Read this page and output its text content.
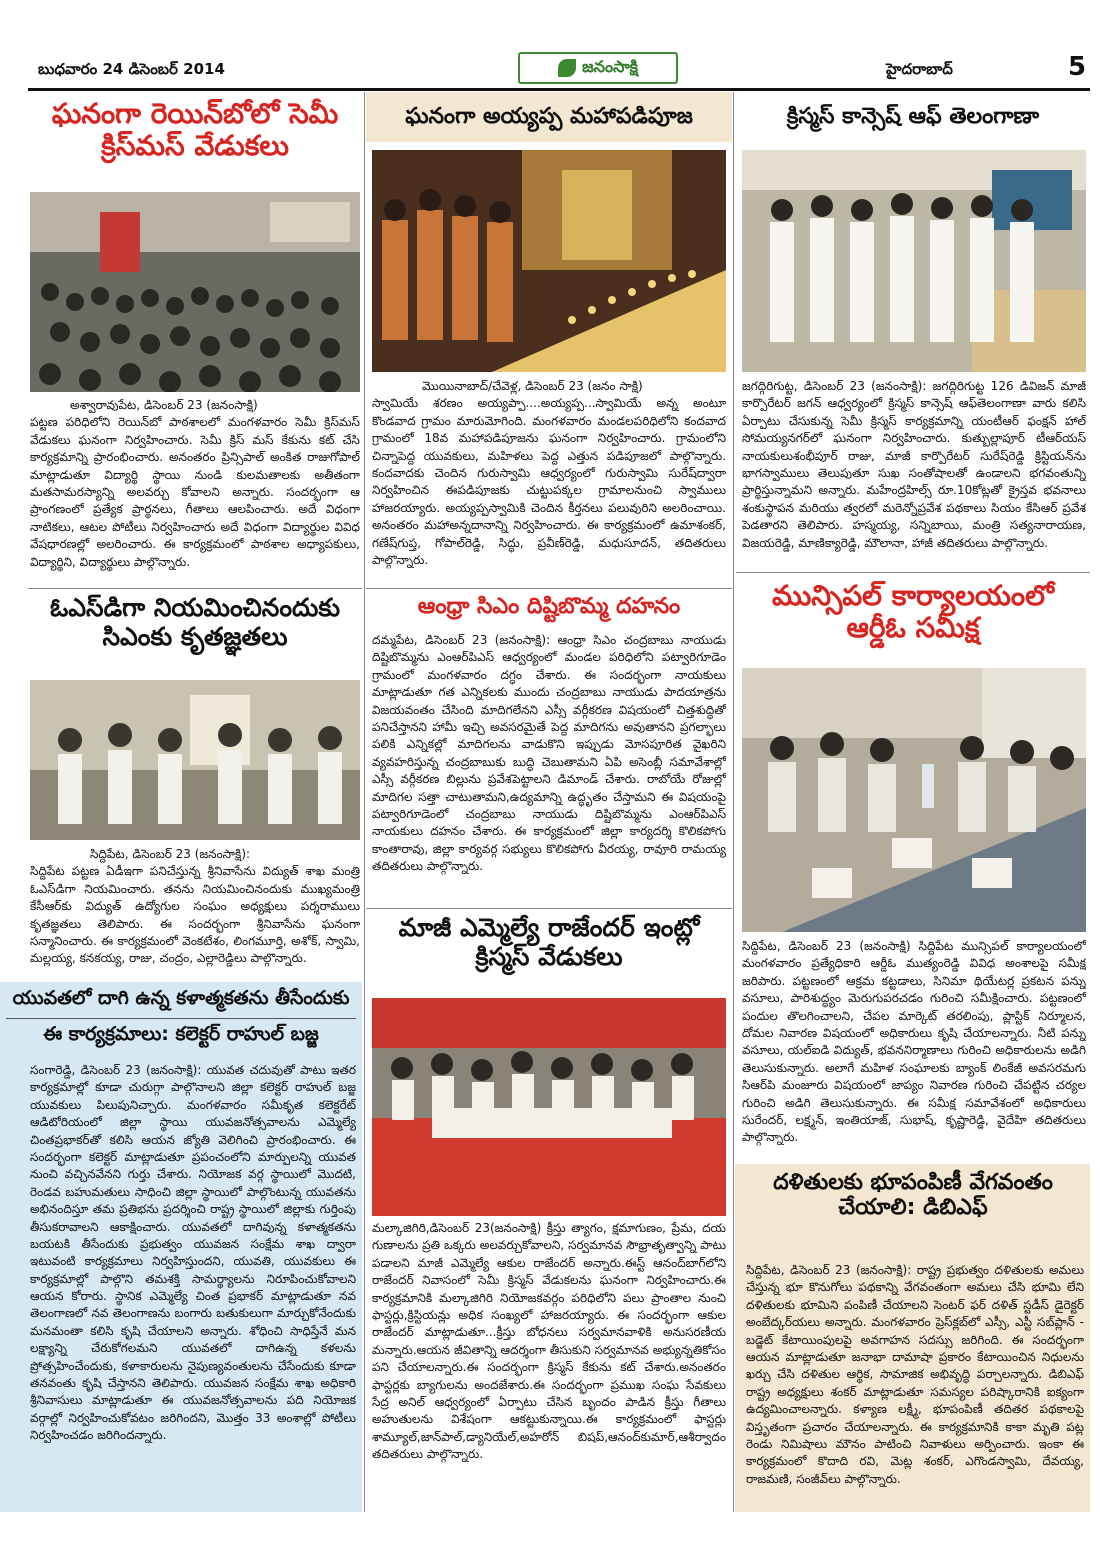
బుధవారం 24 డిసెంబర్ 2014	జనంసాక్షి	హైదరాబాద్	5
ఘనంగా రెయిన్‌బోలో సెమీ
క్రిస్‌మస్ వేడుకలు
అశ్వారావుపేట, డిసెంబర్ 23 (జనంసాక్షి)
పట్టణ పరిధిలోని రెయిన్‌బో పాఠశాలలో మంగళవారం సెమీ క్రిస్‌మస్ వేడుకలు ఘనంగా నిర్వహించారు. సెమీ క్రిస్ మస్ కేకును కట్ చేసి కార్యక్రమాన్ని ప్రారంభించారు. అనంతరం ప్రిన్సిపాల్ అంకిత రాజుగోపాల్ మాట్లాడుతూ విద్యార్థి స్థాయి నుండి కులమతాలకు అతీతంగా మతసామరస్యాన్ని అలవర్చు కోవాలని అన్నారు. సందర్భంగా ఆ ప్రాంగణంలో ప్రత్యేక ప్రార్థనలు, గీతాలు ఆలపించారు. అదే విధంగా నాటికలు, ఆటల పోటీలు నిర్వహించారు అదే విధంగా విద్యార్థుల వివిధ వేషధారణల్లో అలరించారు. ఈ కార్యక్రమంలో పాఠశాల అధ్యాపకులు, విద్యార్థిని, విద్యార్థులు పాల్గొన్నారు.
ఓఎస్‌డిగా నియమించినందుకు
సిఎంకు కృతజ్ఞతలు
సిద్దిపేట, డిసెంబర్ 23 (జనంసాక్షి):
సిద్దిపేట పట్టణ ఏడీఇగా పనిచేస్తున్న శ్రీనివాసేను విద్యుత్ శాఖ మంత్రి ఓఎస్‌డిగా నియమించారు. తనను నియమించినందుకు ముఖ్యమంత్రి కేసీఆర్‌కు విద్యుత్ ఉద్యోగుల సంఘం అధ్యక్షులు పర్శరాములు కృతజ్ఞతలు తెలిపారు. ఈ సందర్భంగా శ్రీనివాసేను ఘనంగా సన్మానించారు. ఈ కార్యక్రమంలో వెంకటేశం, లింగమూర్తి, అశోక్, స్వామి, మల్లయ్య, కనకయ్య, రాజు, చంద్రం, ఎల్లారెడ్డిలు పాల్గొన్నారు.
యువతలో దాగి ఉన్న కళాత్మకతను తీసేందుకు
ఈ కార్యక్రమాలు: కలెక్టర్ రాహుల్ బజ్జ
సంగారెడ్డి, డిసెంబర్ 23 (జనంసాక్షి): యువత చదువుతో పాటు ఇతర కార్యక్రమాల్లో కూడా చురుగ్గా పాల్గొనాలని జిల్లా కలెక్టర్ రాహుల్ బజ్జ యువకులు పిలుపునిచ్చారు. మంగళవారం సమీకృత కలెక్టరేట్ ఆడిటోరియంలో జిల్లా స్థాయి యువజనోత్సవాలను ఎమ్మెల్యే చింతప్రభాకర్‌తో కలిసి ఆయన జ్యోతి వెలిగించి ప్రారంభించారు. ఈ సందర్భంగా కలెక్టర్ మాట్లాడుతూ ప్రపంచంలోని మార్పులన్ని యువత నుంచి వచ్చినవేనని గుర్తు చేశారు. నియోజక వర్గ స్థాయిలో మొదటి, రెండవ బహుమతులు సాధించి జిల్లా స్థాయిలో పాల్గొంటున్న యువతను అభినందిస్తూ తమ ప్రతిభను ప్రదర్శించి రాష్ట్ర స్థాయిలో జిల్లాకు గుర్తింపు తీసుకరావాలని ఆకాక్షించారు. యువతలో దాగివున్న కళాత్మకతను బయటకి తీసేందుకు ప్రభుత్వం యువజన సంక్షేమ శాఖ ద్వారా ఇటువంటి కార్యక్రమాలు నిర్వహిస్తుందని, యువతి, యువకులు ఈ కార్యక్రమాల్లో పాల్గొని తమశక్తి సామర్థ్యాలను నిరూపించుకోవాలని ఆయన కోరారు. స్థానిక ఎమ్మెల్యే చింత ప్రభాకర్ మాట్లాడుతూ నవ తెలంగాణలో నవ తెలంగాణను బంగారు బతుకులుగా మార్చుకోనేందుకు మనమంతా కలిసి కృషి చేయాలని అన్నారు. శోధించి సాధిస్తేనే మన లక్ష్యాన్ని చేరుకోగలమని యువతలో దాగిఉన్న కళలను ప్రోత్సహించేందుకు, కళాకారులను నైపుణ్యవంతులను చేసేందుకు కూడా తనవంతు కృషి చేస్తానని తెలిపారు. యువజన సంక్షేమ శాఖ అధికారి శ్రీనివాసులు మాట్లాడుతూ ఈ యువజనోత్సవాలను పది నియోజక వర్గాల్లో నిర్వహించుకోవటం జరిగిందని, మొత్తం 33 అంశాల్లో పోటీలు నిర్వహించడం జరిగిందన్నారు.
ఘనంగా అయ్యప్ప మహాపడిపూజ
మొయినాబాద్/చేవెళ్ల, డిసెంబర్ 23 (జనం సాక్షి)
స్వామియే శరణం అయ్యప్పా....అయ్యప్ప...స్వామియే అన్న అంటూ కొండవాద గ్రామం మారుమోగింది. మంగళవారం మండలపరిధిలోని కందవాద గ్రామంలో 18వ మహాపడిపూజను ఘనంగా నిర్వహించారు. గ్రామంలోని చిన్నాపెద్ద యువకులు, మహిళలు పెద్ద ఎత్తున పడిపూజలో పాల్గొన్నారు. కందవాదకు చెందిన గురుస్వామి ఆధ్వర్యంలో గురుస్వామి సురేష్‌ద్వారా నిర్వహించిన ఈపడిపూజకు చుట్టుపక్కల గ్రామాలనుంచి స్వాములు హాజరయ్యారు. అయ్యప్పస్వామికి చెందిన కీర్తనలు పలువురిని అలరించాయి. అనంతరం మహాఅన్నదానాన్ని నిర్వహించారు. ఈ కార్యక్రమంలో ఉమాశంకర్, గణేష్‌గుప్త, గోపాల్‌రెడ్డి, సిద్ధు, ప్రవీణ్‌రెడ్డి, మధుసూదన్, తదితరులు పాల్గొన్నారు.
ఆంధ్రా సిఎం దిష్టిబొమ్మ దహనం
దమ్మపేట, డిసెంబర్ 23 (జనంసాక్షి): ఆంధ్రా సిఎం చంద్రబాబు నాయుడు దిష్టిబొమ్మను ఎంఆర్‌పిఎస్ ఆధ్వర్యంలో మండల పరిధిలోని పట్వారిగూడెం గ్రామంలో మంగళవారం దగ్ధం చేశారు. ఈ సందర్భంగా నాయకులు మాట్లాడుతూ గత ఎన్నికలకు ముందు చంద్రబాబు నాయుడు పాదయాత్రను విజయవంతం చేసింది మాదిగలేనని ఎస్సీ వర్గీకరణ విషయంలో చిత్తశుద్ధితో పనిచేస్తానని హామీ ఇచ్చి అవసరమైతే పెద్ద మాదిగను అవుతానని ప్రగల్భాలు పలికి ఎన్నికల్లో మాదిగలను వాడుకొని ఇప్పుడు మోసపూరిత వైఖరిని వ్యవహరిస్తున్న చంద్రబాబుకు బుద్ధి చెబుతామని ఏపి అసెంబ్లీ సమావేశాల్లో ఎస్సీ వర్గీకరణ బిల్లును ప్రవేశపెట్టాలని డిమాండ్ చేశారు. రాబోయే రోజుల్లో మాదిగల సత్తా చాటుతామని,ఉద్యమాన్ని ఉద్ధృతం చేస్తామని ఈ విషయంపై పట్వారిగూడెంలో చంద్రబాబు నాయుడు దిష్టిబొమ్మను ఎంఆర్‌పిఎస్ నాయకులు దహనం చేశారు. ఈ కార్యక్రమంలో జిల్లా కార్యదర్శి కొలికపోగు కాంతారావు, జిల్లా కార్యవర్గ సభ్యులు కొలికపోగు వీరయ్య, రావూరి రామయ్య తదితరులు పాల్గొన్నారు.
మాజీ ఎమ్మెల్యే రాజేందర్ ఇంట్లో
క్రిస్మస్ వేడుకలు
మల్కాజిగిరి,డిసెంబర్ 23(జనంసాక్షి) క్రీస్తు త్యాగం, క్షమాగుణం, ప్రేమ, దయ గుణాలను ప్రతి ఒక్కరు అలవర్చుకోవాలని, సర్వమానవ సౌభ్రాతృత్వాన్ని పాటు పడాలని మాజీ ఎమ్మెల్యే ఆకుల రాజేందర్ అన్నారు.ఈస్ట్ ఆనంద్‌బాగ్‌లోని రాజేందర్ నివాసంలో సెమీ క్రిస్మస్ వేడుకలను ఘనంగా నిర్వహించారు.ఈ కార్యక్రమానికి మల్కాజిగిరి నియోజకవర్గం పరిధిలోని పలు ప్రాంతాల నుంచి ఫాస్టర్లు,క్రిస్టియన్లు అధిక సంఖ్యలో హాజరయ్యారు. ఈ సందర్భంగా ఆకుల రాజేందర్ మాట్లాడుతూ...క్రీస్తు బోధనలు సర్వమానవాళికి అనుసరణీయ మన్నారు.ఆయన జీవితాన్ని ఆదర్శంగా తీసుకుని సర్వమానవ అభ్యున్నతికోసం పని చేయాలన్నారు.ఈ సందర్భంగా క్రిస్మస్ కేకును కట్ చేశారు.అనంతరం ఫాస్టర్లకు బ్యాగులను అందజేశారు.ఈ సందర్భంగా ప్రముఖ సంఘ సేవకులు సేద్ర అనిల్ ఆధ్వర్యంలో ఏర్పాటు చేసిన బృందం పాడిన క్రీస్తు గీతాలు అహుతులను విశేషంగా ఆకట్టుకున్నాయి.ఈ కార్యక్రమంలో ఫాస్టర్లు శామ్యూల్,జాన్‌పాల్,డ్యానియేల్,అహరోన్ బిషప్,ఆనంద్‌కుమార్,ఆశీర్వాదం తదితరులు పాల్గొన్నారు.
క్రిస్మస్ కాన్సెష్ ఆఫ్ తెలంగాణా
జగద్గిరిగుట్ట, డిసెంబర్ 23 (జనంసాక్షి): జగద్గిరిగుట్ట 126 డివిజన్ మాజీ కార్పొరేటర్ జగన్ ఆధ్వర్యంలో క్రిస్మస్ కాన్సెష్ ఆఫ్‌తెలంగాణా వారు కలిసి ఏర్పాటు చేసుకున్న సెమీ క్రిస్మస్ కార్యక్రమాన్ని యంటీఆర్ ఫంక్షన్ హాల్ సోమయ్యనగర్‌లో ఘనంగా నిర్వహించారు. కుత్బుల్లాపూర్ టీఆర్‌యస్ నాయకులుశంభీపూర్ రాజు, మాజీ కార్పొరేటర్ సురేష్‌రెడ్డి క్రిస్టియన్‌ను భాగస్వాములు తెలుపుతూ సుఖ సంతోషాలతో ఉండాలని భగవంతున్ని ప్రార్థిస్తున్నామని అన్నారు. మహేంద్రహిల్స్ రూ.10కోట్లతో క్రైస్తవ భవనాలు శంకుస్థాపన మరియు త్వరలో మరెన్నోప్రవేశ పథకాలు సియం కేసిఆర్ ప్రవేశ పెడతారని తెలిపారు. హస్మయ్య, సన్నిబాయి, మంత్రి సత్యనారాయణ, విజయరెడ్డి, మాణిక్యారెడ్డి, మౌలానా, హాజీ తదితరులు పాల్గొన్నారు.
మున్సిపల్ కార్యాలయంలో
ఆర్డీఓ సమీక్ష
సిద్దిపేట, డిసెంబర్ 23 (జనంసాక్షి) సిద్దిపేట మున్సిపల్ కార్యాలయంలో మంగళవారం ప్రత్యేధికారి ఆర్డీఓ ముత్యంరెడ్డి వివిధ అంశాలపై సమీక్ష జరిపారు. పట్టణంలో ఆక్రమ కట్టడాలు, సినిమా థియేటర్ల ప్రకటన పన్ను వసూలు, పారిశుద్ధ్యం మెరుగుపరచడం గురించి సమీక్షించారు. పట్టణంలో పందుల తొలగించాలని, చేపల మార్కెట్ తరలింపు, ప్లాస్టిక్ నిర్మూలన, దోమల నివారణ విషయంలో అధికారులు కృషి చేయాలన్నారు. నీటి పన్ను వసూలు, యల్ఐడి విద్యుత్, భవననిర్మాణాలు గురించి అధికారులను అడిగి తెలుసుకున్నారు. అలాగే మహిళ సంఘాలకు బ్యాంక్ లింకేజీ అవసరమగు సిఆర్‌పి మంజూరు విషయంలో జాప్యం నివారణ గురించి చేపట్టిన చర్యల గురించి అడిగి తెలుసుకున్నారు. ఈ సమీక్ష సమావేశంలో అధికారులు సురేందర్, లక్ష్మన్, ఇంతియాజ్, సుభాష్, కృష్ణారెడ్డి, వైదేహి తదితరులు పాల్గొన్నారు.
దళితులకు భూపంపిణీ వేగవంతం
చేయాలి: డిబిఎఫ్
సిద్దిపేట, డిసెంబర్ 23 (జనంసాక్షి): రాష్ట్ర ప్రభుత్వం దళితులకు అమలు చేస్తున్న భూ కొనుగోలు పథకాన్ని వేగవంతంగా అమలు చేసి భూమి లేని దళితులకు భూమిని పంపిణీ చేయాలని సెంటర్ ఫర్ దళిత్ స్టడీస్ డైరెక్టర్ అంబేద్కర్‌యలు అన్నారు. మంగళవారం ప్రెస్‌క్లబ్‌లో ఎస్సీ, ఎస్టీ సబ్‌ప్లాన్ - బడ్జెట్ కేటాయింపులపై అవగాహన సదస్సు జరిగింది. ఈ సందర్భంగా ఆయన మాట్లాడుతూ జనాభా దామాషా ప్రకారం కేటాయించిన నిధులను ఖర్చు చేసి దళితుల ఆర్థిక, సామాజిక అభివృద్ధి పర్చాలన్నారు. డిబిఎఫ్ రాష్ట్ర అధ్యక్షులు శంకర్ మాట్లాడుతూ సమస్యల పరిష్కారానికి ఐక్యంగా ఉద్యమించాలన్నారు. కళ్యాణ లక్ష్మీ, భూపంపిణీ తదితర పథకాలపై విస్తృతంగా ప్రచారం చేయాలన్నారు. ఈ కార్యక్రమానికి కాకా మృతి పట్ల రెండు నిమిషాలు మౌనం పాటించి నివాళులు అర్పించారు. ఇంకా ఈ కార్యక్రమంలో కొదాది రవి, మెట్ల శంకర్, ఎగొండస్వామి, దేవయ్య, రాజమణి, సంజీవ్‌లు పాల్గొన్నారు.
